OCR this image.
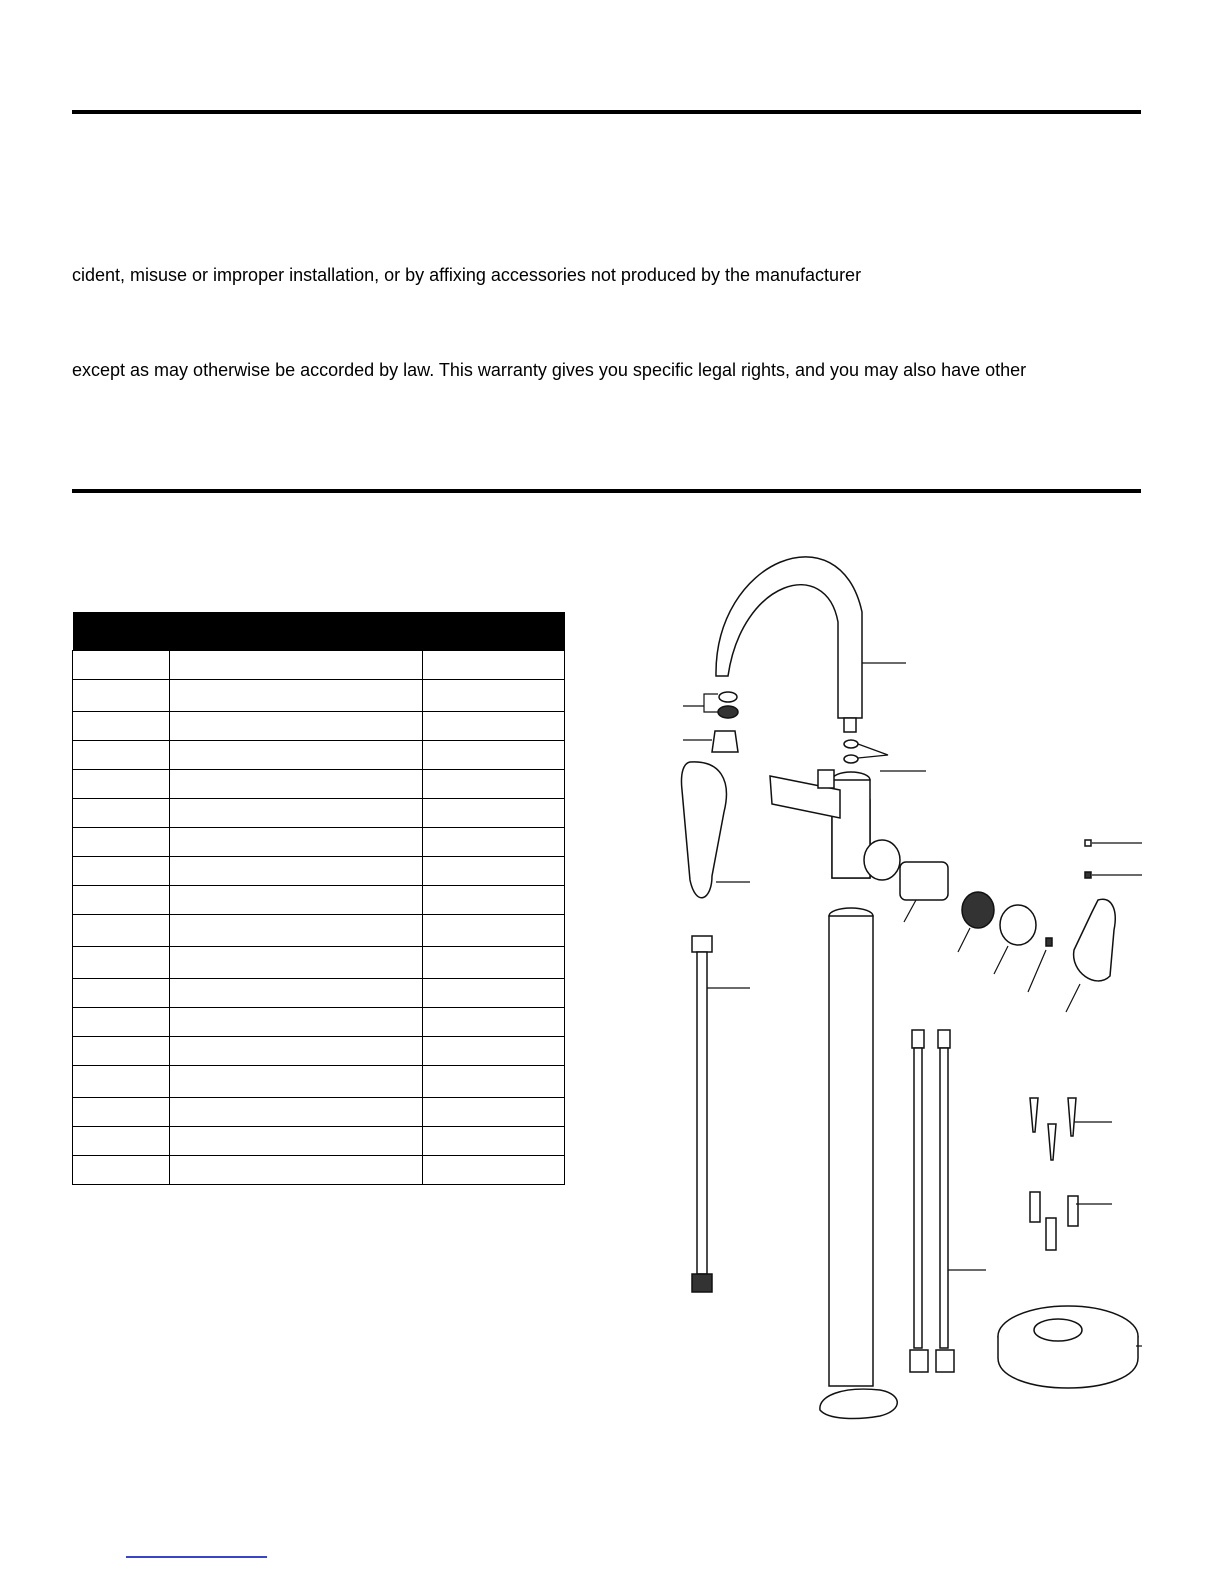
cident, misuse or improper installation, or by affixing accessories not produced by the manufacturer
except as may otherwise be accorded by law. This warranty gives you specific legal rights, and you may also have other
